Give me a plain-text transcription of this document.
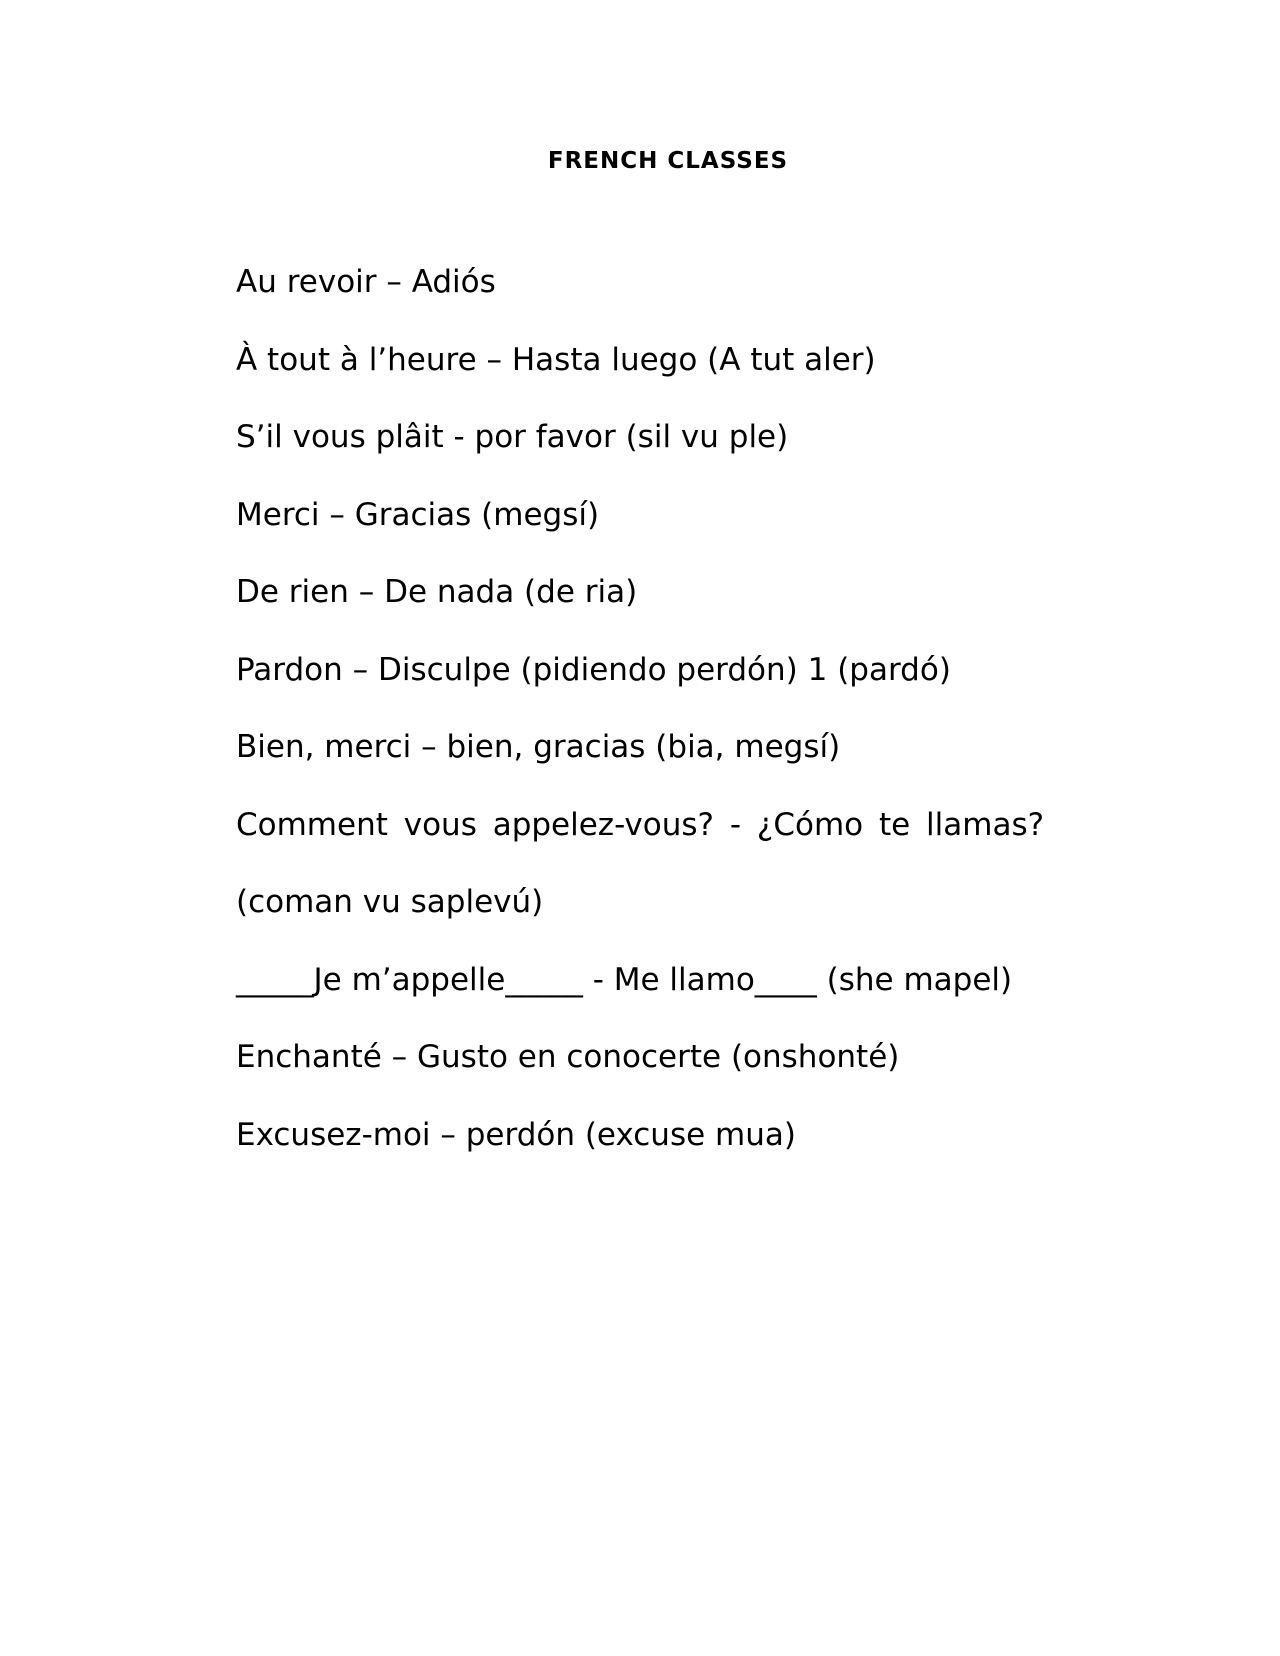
FRENCH CLASSES
Au revoir – Adiós
À tout à l’heure – Hasta luego (A tut aler)
S’il vous plâit - por favor (sil vu ple)
Merci – Gracias (megsí)
De rien – De nada (de ria)
Pardon – Disculpe (pidiendo perdón) 1 (pardó)
Bien, merci – bien, gracias (bia, megsí)
Comment vous appelez-vous? - ¿Cómo te llamas?
(coman vu saplevú)
_____Je m’appelle_____ - Me llamo____ (she mapel)
Enchanté – Gusto en conocerte (onshonté)
Excusez-moi – perdón (excuse mua)
